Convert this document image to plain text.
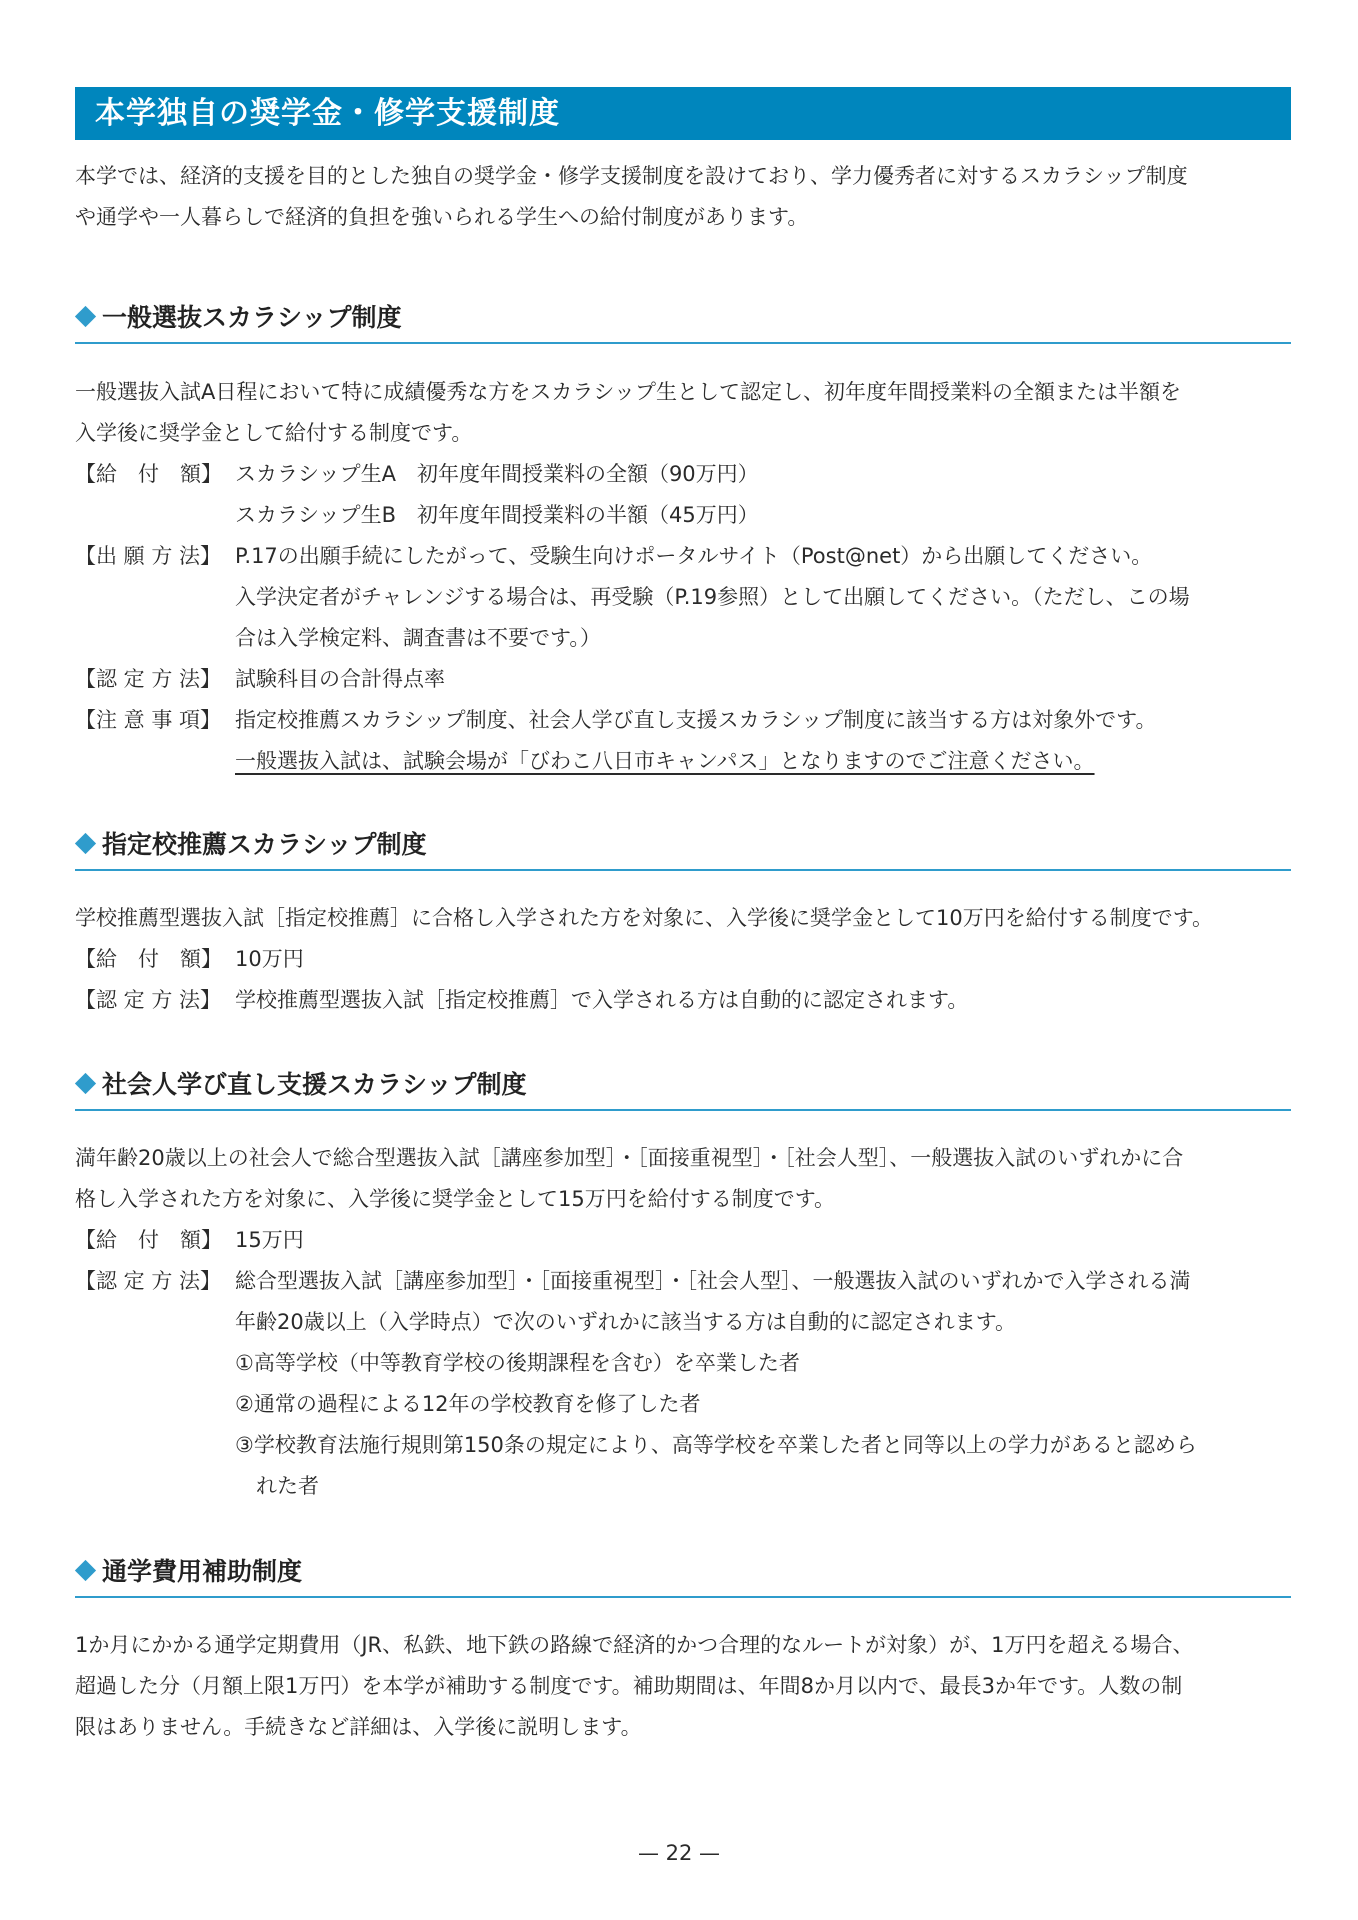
本学独自の奨学金・修学支援制度

本学では、経済的支援を目的とした独自の奨学金・修学支援制度を設けており、学力優秀者に対するスカラシップ制度

や通学や一人暮らしで経済的負担を強いられる学生への給付制度があります。

一般選抜スカラシップ制度

一般選抜入試A日程において特に成績優秀な方をスカラシップ生として認定し、初年度年間授業料の全額または半額を

入学後に奨学金として給付する制度です。

【給　付　額】 スカラシップ生A　初年度年間授業料の全額（90万円）
スカラシップ生B　初年度年間授業料の半額（45万円）
【出 願 方 法】 P.17の出願手続にしたがって、受験生向けポータルサイト（Post@net）から出願してください。
入学決定者がチャレンジする場合は、再受験（P.19参照）として出願してください。（ただし、この場
合は入学検定料、調査書は不要です。）
【認 定 方 法】 試験科目の合計得点率
【注 意 事 項】 指定校推薦スカラシップ制度、社会人学び直し支援スカラシップ制度に該当する方は対象外です。
一般選抜入試は、試験会場が「びわこ八日市キャンパス」となりますのでご注意ください。
指定校推薦スカラシップ制度

学校推薦型選抜入試［指定校推薦］に合格し入学された方を対象に、入学後に奨学金として10万円を給付する制度です。

【給　付　額】 10万円
【認 定 方 法】 学校推薦型選抜入試［指定校推薦］で入学される方は自動的に認定されます。
社会人学び直し支援スカラシップ制度

満年齢20歳以上の社会人で総合型選抜入試［講座参加型］・［面接重視型］・［社会人型］、一般選抜入試のいずれかに合

格し入学された方を対象に、入学後に奨学金として15万円を給付する制度です。

【給　付　額】 15万円
【認 定 方 法】 総合型選抜入試［講座参加型］・［面接重視型］・［社会人型］、一般選抜入試のいずれかで入学される満
年齢20歳以上（入学時点）で次のいずれかに該当する方は自動的に認定されます。
①高等学校（中等教育学校の後期課程を含む）を卒業した者
②通常の過程による12年の学校教育を修了した者
③学校教育法施行規則第150条の規定により、高等学校を卒業した者と同等以上の学力があると認めら
　れた者
通学費用補助制度

1か月にかかる通学定期費用（JR、私鉄、地下鉄の路線で経済的かつ合理的なルートが対象）が、1万円を超える場合、

超過した分（月額上限1万円）を本学が補助する制度です。補助期間は、年間8か月以内で、最長3か年です。人数の制

限はありません。手続きなど詳細は、入学後に説明します。

— 22 —
